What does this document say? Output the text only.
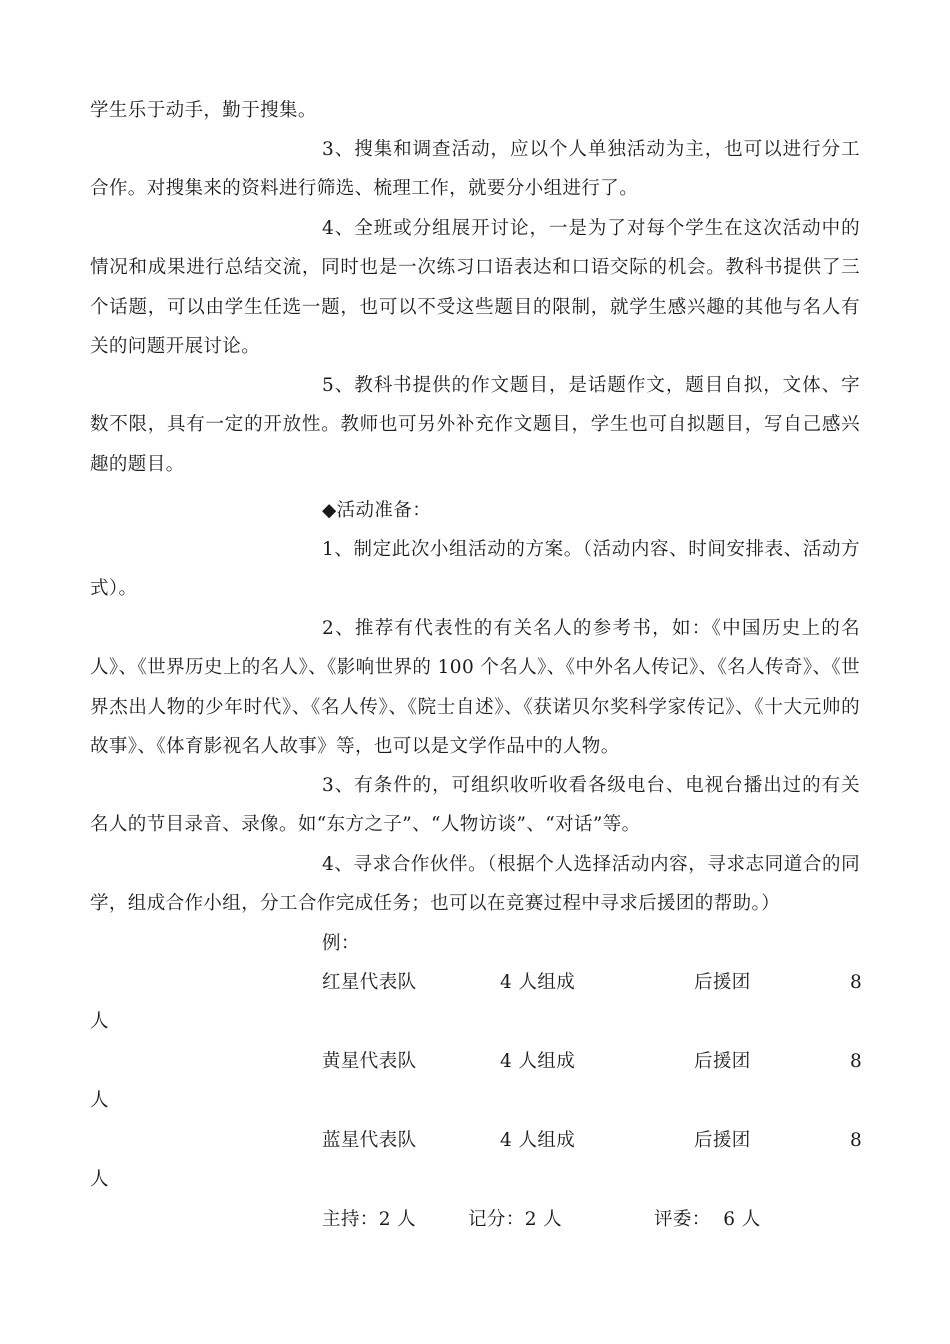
学生乐于动手，勤于搜集。

3、搜集和调查活动，应以个人单独活动为主，也可以进行分工合作。对搜集来的资料进行筛选、梳理工作，就要分小组进行了。

4、全班或分组展开讨论，一是为了对每个学生在这次活动中的情况和成果进行总结交流，同时也是一次练习口语表达和口语交际的机会。教科书提供了三个话题，可以由学生任选一题，也可以不受这些题目的限制，就学生感兴趣的其他与名人有关的问题开展讨论。

5、教科书提供的作文题目，是话题作文，题目自拟，文体、字数不限，具有一定的开放性。教师也可另外补充作文题目，学生也可自拟题目，写自己感兴趣的题目。

◆活动准备：

1、制定此次小组活动的方案。（活动内容、时间安排表、活动方式）。

2、推荐有代表性的有关名人的参考书，如：《中国历史上的名人》、《世界历史上的名人》、《影响世界的 100 个名人》、《中外名人传记》、《名人传奇》、《世界杰出人物的少年时代》、《名人传》、《院士自述》、《获诺贝尔奖科学家传记》、《十大元帅的故事》、《体育影视名人故事》等，也可以是文学作品中的人物。

3、有条件的，可组织收听收看各级电台、电视台播出过的有关名人的节目录音、录像。如“东方之子”、“人物访谈”、“对话”等。

4、寻求合作伙伴。（根据个人选择活动内容，寻求志同道合的同学，组成合作小组，分工合作完成任务；也可以在竞赛过程中寻求后援团的帮助。）

例：

红星代表队	4 人组成	后援团	8
人
黄星代表队	4 人组成	后援团	8
人
蓝星代表队	4 人组成	后援团	8
人
主持：2 人	记分：2 人	评委：  6 人
